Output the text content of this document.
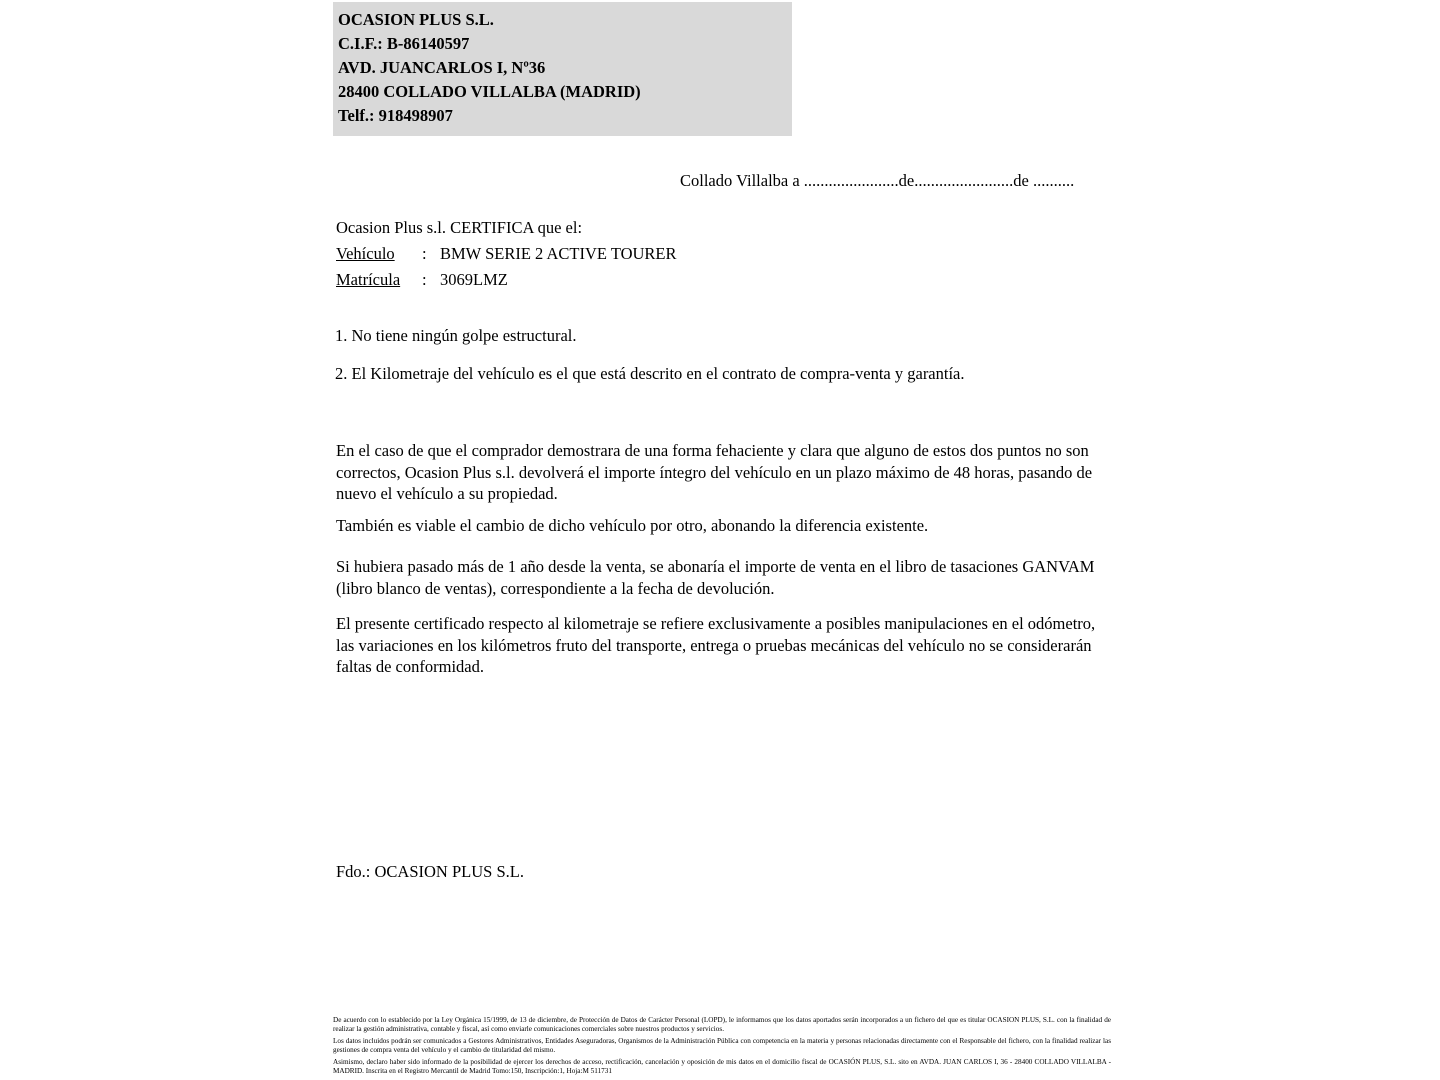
OCASION PLUS S.L.
C.I.F.: B-86140597
AVD. JUANCARLOS I, Nº36
28400 COLLADO VILLALBA (MADRID)
Telf.: 918498907
Collado Villalba a .......................de........................de ..........
Ocasion Plus s.l. CERTIFICA que el:
Vehículo	: BMW SERIE 2 ACTIVE TOURER
Matrícula	: 3069LMZ
1. No tiene ningún golpe estructural.
2. El Kilometraje del vehículo es el que está descrito en el contrato de compra-venta y garantía.
En el caso de que el comprador demostrara de una forma fehaciente y clara que alguno de estos dos puntos no son correctos, Ocasion Plus s.l. devolverá el importe íntegro del vehículo en un plazo máximo de 48 horas, pasando de nuevo el vehículo a su propiedad.
También es viable el cambio de dicho vehículo por otro, abonando la diferencia existente.
Si hubiera pasado más de 1 año desde la venta, se abonaría el importe de venta en el libro de tasaciones GANVAM (libro blanco de ventas), correspondiente a la fecha de devolución.
El presente certificado respecto al kilometraje se refiere exclusivamente a posibles manipulaciones en el odómetro, las variaciones en los kilómetros fruto del transporte, entrega o pruebas mecánicas del vehículo no se considerarán faltas de conformidad.
Fdo.: OCASION PLUS S.L.

De acuerdo con lo establecido por la Ley Orgánica 15/1999, de 13 de diciembre, de Protección de Datos de Carácter Personal (LOPD), le informamos que los datos aportados serán incorporados a un fichero del que es titular OCASION PLUS, S.L. con la finalidad de realizar la gestión administrativa, contable y fiscal, así como enviarle comunicaciones comerciales sobre nuestros productos y servicios.

Los datos incluidos podrán ser comunicados a Gestores Administrativos, Entidades Aseguradoras, Organismos de la Administración Pública con competencia en la materia y personas relacionadas directamente con el Responsable del fichero, con la finalidad realizar las gestiones de compra venta del vehículo y el cambio de titularidad del mismo.

Asimismo, declaro haber sido informado de la posibilidad de ejercer los derechos de acceso, rectificación, cancelación y oposición de mis datos en el domicilio fiscal de OCASIÓN PLUS, S.L. sito en AVDA. JUAN CARLOS I, 36 - 28400 COLLADO VILLALBA - MADRID. Inscrita en el Registro Mercantil de Madrid Tomo:150, Inscripción:1, Hoja:M 511731
